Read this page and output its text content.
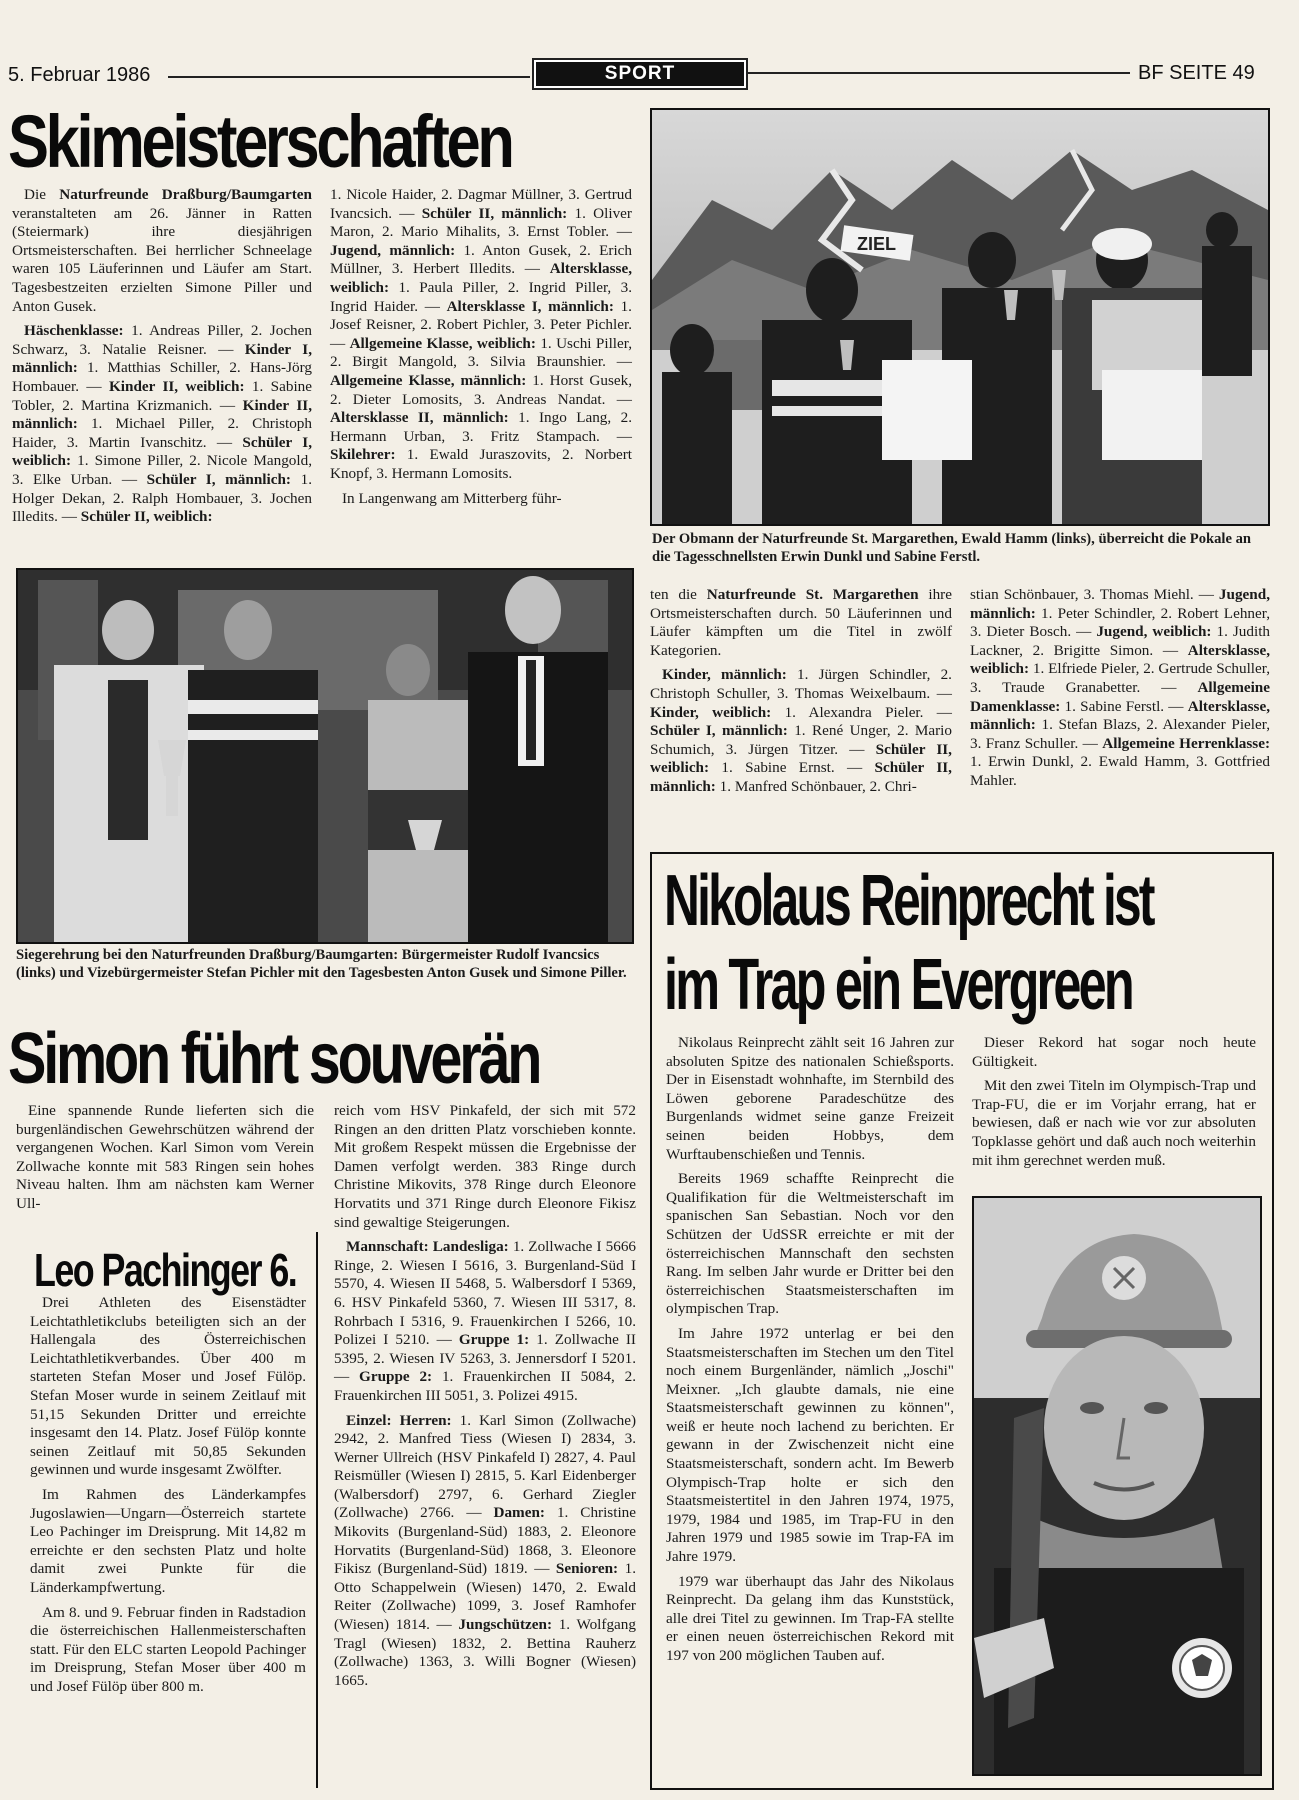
5. Februar 1986	SPORT	BF SEITE 49
Skimeisterschaften

Die Naturfreunde Draßburg/Baumgarten veranstalteten am 26. Jänner in Ratten (Steiermark) ihre diesjährigen Ortsmeisterschaften. Bei herrlicher Schneelage waren 105 Läuferinnen und Läufer am Start. Tagesbestzeiten erzielten Simone Piller und Anton Gusek.

Häschenklasse: 1. Andreas Piller, 2. Jochen Schwarz, 3. Natalie Reisner. — Kinder I, männlich: 1. Matthias Schiller, 2. Hans-Jörg Hombauer. — Kinder II, weiblich: 1. Sabine Tobler, 2. Martina Krizmanich. — Kinder II, männlich: 1. Michael Piller, 2. Christoph Haider, 3. Martin Ivanschitz. — Schüler I, weiblich: 1. Simone Piller, 2. Nicole Mangold, 3. Elke Urban. — Schüler I, männlich: 1. Holger Dekan, 2. Ralph Hombauer, 3. Jochen Illedits. — Schüler II, weiblich:

1. Nicole Haider, 2. Dagmar Müllner, 3. Gertrud Ivancsich. — Schüler II, männlich: 1. Oliver Maron, 2. Mario Mihalits, 3. Ernst Tobler. — Jugend, männlich: 1. Anton Gusek, 2. Erich Müllner, 3. Herbert Illedits. — Altersklasse, weiblich: 1. Paula Piller, 2. Ingrid Piller, 3. Ingrid Haider. — Altersklasse I, männlich: 1. Josef Reisner, 2. Robert Pichler, 3. Peter Pichler. — Allgemeine Klasse, weiblich: 1. Uschi Piller, 2. Birgit Mangold, 3. Silvia Braunshier. — Allgemeine Klasse, männlich: 1. Horst Gusek, 2. Dieter Lomosits, 3. Andreas Nandat. — Altersklasse II, männlich: 1. Ingo Lang, 2. Hermann Urban, 3. Fritz Stampach. — Skilehrer: 1. Ewald Juraszovits, 2. Norbert Knopf, 3. Hermann Lomosits.

In Langenwang am Mitterberg führ-

ZIEL
Der Obmann der Naturfreunde St. Margarethen, Ewald Hamm (links), überreicht die Pokale an die Tagesschnellsten Erwin Dunkl und Sabine Ferstl.
Siegerehrung bei den Naturfreunden Draßburg/Baumgarten: Bürgermeister Rudolf Ivancsics (links) und Vizebürgermeister Stefan Pichler mit den Tagesbesten Anton Gusek und Simone Piller.

ten die Naturfreunde St. Margarethen ihre Ortsmeisterschaften durch. 50 Läuferinnen und Läufer kämpften um die Titel in zwölf Kategorien.

Kinder, männlich: 1. Jürgen Schindler, 2. Christoph Schuller, 3. Thomas Weixelbaum. — Kinder, weiblich: 1. Alexandra Pieler. — Schüler I, männlich: 1. René Unger, 2. Mario Schumich, 3. Jürgen Titzer. — Schüler II, weiblich: 1. Sabine Ernst. — Schüler II, männlich: 1. Manfred Schönbauer, 2. Chri-

stian Schönbauer, 3. Thomas Miehl. — Jugend, männlich: 1. Peter Schindler, 2. Robert Lehner, 3. Dieter Bosch. — Jugend, weiblich: 1. Judith Lackner, 2. Brigitte Simon. — Altersklasse, weiblich: 1. Elfriede Pieler, 2. Gertrude Schuller, 3. Traude Granabetter. — Allgemeine Damenklasse: 1. Sabine Ferstl. — Altersklasse, männlich: 1. Stefan Blazs, 2. Alexander Pieler, 3. Franz Schuller. — Allgemeine Herrenklasse: 1. Erwin Dunkl, 2. Ewald Hamm, 3. Gottfried Mahler.

Simon führt souverän

Eine spannende Runde lieferten sich die burgenländischen Gewehrschützen während der vergangenen Wochen. Karl Simon vom Verein Zollwache konnte mit 583 Ringen sein hohes Niveau halten. Ihm am nächsten kam Werner Ull-

reich vom HSV Pinkafeld, der sich mit 572 Ringen an den dritten Platz vorschieben konnte. Mit großem Respekt müssen die Ergebnisse der Damen verfolgt werden. 383 Ringe durch Christine Mikovits, 378 Ringe durch Eleonore Horvatits und 371 Ringe durch Eleonore Fikisz sind gewaltige Steigerungen.

Mannschaft: Landesliga: 1. Zollwache I 5666 Ringe, 2. Wiesen I 5616, 3. Burgenland-Süd I 5570, 4. Wiesen II 5468, 5. Walbersdorf I 5369, 6. HSV Pinkafeld 5360, 7. Wiesen III 5317, 8. Rohrbach I 5316, 9. Frauenkirchen I 5266, 10. Polizei I 5210. — Gruppe 1: 1. Zollwache II 5395, 2. Wiesen IV 5263, 3. Jennersdorf I 5201. — Gruppe 2: 1. Frauenkirchen II 5084, 2. Frauenkirchen III 5051, 3. Polizei 4915.

Einzel: Herren: 1. Karl Simon (Zollwache) 2942, 2. Manfred Tiess (Wiesen I) 2834, 3. Werner Ullreich (HSV Pinkafeld I) 2827, 4. Paul Reismüller (Wiesen I) 2815, 5. Karl Eidenberger (Walbersdorf) 2797, 6. Gerhard Ziegler (Zollwache) 2766. — Damen: 1. Christine Mikovits (Burgenland-Süd) 1883, 2. Eleonore Horvatits (Burgenland-Süd) 1868, 3. Eleonore Fikisz (Burgenland-Süd) 1819. — Senioren: 1. Otto Schappelwein (Wiesen) 1470, 2. Ewald Reiter (Zollwache) 1099, 3. Josef Ramhofer (Wiesen) 1814. — Jungschützen: 1. Wolfgang Tragl (Wiesen) 1832, 2. Bettina Rauherz (Zollwache) 1363, 3. Willi Bogner (Wiesen) 1665.

Leo Pachinger 6.

Drei Athleten des Eisenstädter Leichtathletikclubs beteiligten sich an der Hallengala des Österreichischen Leichtathletikverbandes. Über 400 m starteten Stefan Moser und Josef Fülöp. Stefan Moser wurde in seinem Zeitlauf mit 51,15 Sekunden Dritter und erreichte insgesamt den 14. Platz. Josef Fülöp konnte seinen Zeitlauf mit 50,85 Sekunden gewinnen und wurde insgesamt Zwölfter.

Im Rahmen des Länderkampfes Jugoslawien—Ungarn—Österreich startete Leo Pachinger im Dreisprung. Mit 14,82 m erreichte er den sechsten Platz und holte damit zwei Punkte für die Länderkampfwertung.

Am 8. und 9. Februar finden in Radstadion die österreichischen Hallenmeisterschaften statt. Für den ELC starten Leopold Pachinger im Dreisprung, Stefan Moser über 400 m und Josef Fülöp über 800 m.

Nikolaus Reinprecht ist
im Trap ein Evergreen

Nikolaus Reinprecht zählt seit 16 Jahren zur absoluten Spitze des nationalen Schießsports. Der in Eisenstadt wohnhafte, im Sternbild des Löwen geborene Paradeschütze des Burgenlands widmet seine ganze Freizeit seinen beiden Hobbys, dem Wurftaubenschießen und Tennis.

Bereits 1969 schaffte Reinprecht die Qualifikation für die Weltmeisterschaft im spanischen San Sebastian. Noch vor den Schützen der UdSSR erreichte er mit der österreichischen Mannschaft den sechsten Rang. Im selben Jahr wurde er Dritter bei den österreichischen Staatsmeisterschaften im olympischen Trap.

Im Jahre 1972 unterlag er bei den Staatsmeisterschaften im Stechen um den Titel noch einem Burgenländer, nämlich „Joschi" Meixner. „Ich glaubte damals, nie eine Staatsmeisterschaft gewinnen zu können", weiß er heute noch lachend zu berichten. Er gewann in der Zwischenzeit nicht eine Staatsmeisterschaft, sondern acht. Im Bewerb Olympisch-Trap holte er sich den Staatsmeistertitel in den Jahren 1974, 1975, 1979, 1984 und 1985, im Trap-FU in den Jahren 1979 und 1985 sowie im Trap-FA im Jahre 1979.

1979 war überhaupt das Jahr des Nikolaus Reinprecht. Da gelang ihm das Kunststück, alle drei Titel zu gewinnen. Im Trap-FA stellte er einen neuen österreichischen Rekord mit 197 von 200 möglichen Tauben auf.

Dieser Rekord hat sogar noch heute Gültigkeit.

Mit den zwei Titeln im Olympisch-Trap und Trap-FU, die er im Vorjahr errang, hat er bewiesen, daß er nach wie vor zur absoluten Topklasse gehört und daß auch noch weiterhin mit ihm gerechnet werden muß.
